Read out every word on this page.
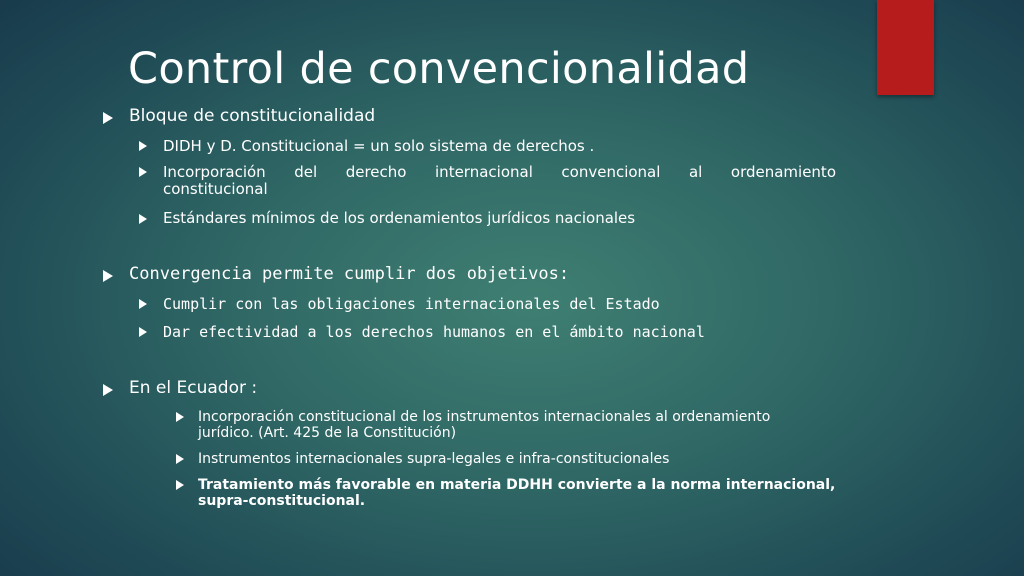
Control de convencionalidad
Bloque de constitucionalidad
DIDH y D. Constitucional = un solo sistema de derechos .
Incorporación del derecho internacional convencional al ordenamiento
constitucional
Estándares mínimos de los ordenamientos jurídicos nacionales
Convergencia permite cumplir dos objetivos:
Cumplir con las obligaciones internacionales del Estado
Dar efectividad a los derechos humanos en el ámbito nacional
En el Ecuador :
Incorporación constitucional de los instrumentos internacionales al ordenamiento
jurídico. (Art. 425 de la Constitución)
Instrumentos internacionales supra-legales e infra-constitucionales
Tratamiento más favorable en materia DDHH convierte a la norma internacional,
supra-constitucional.
